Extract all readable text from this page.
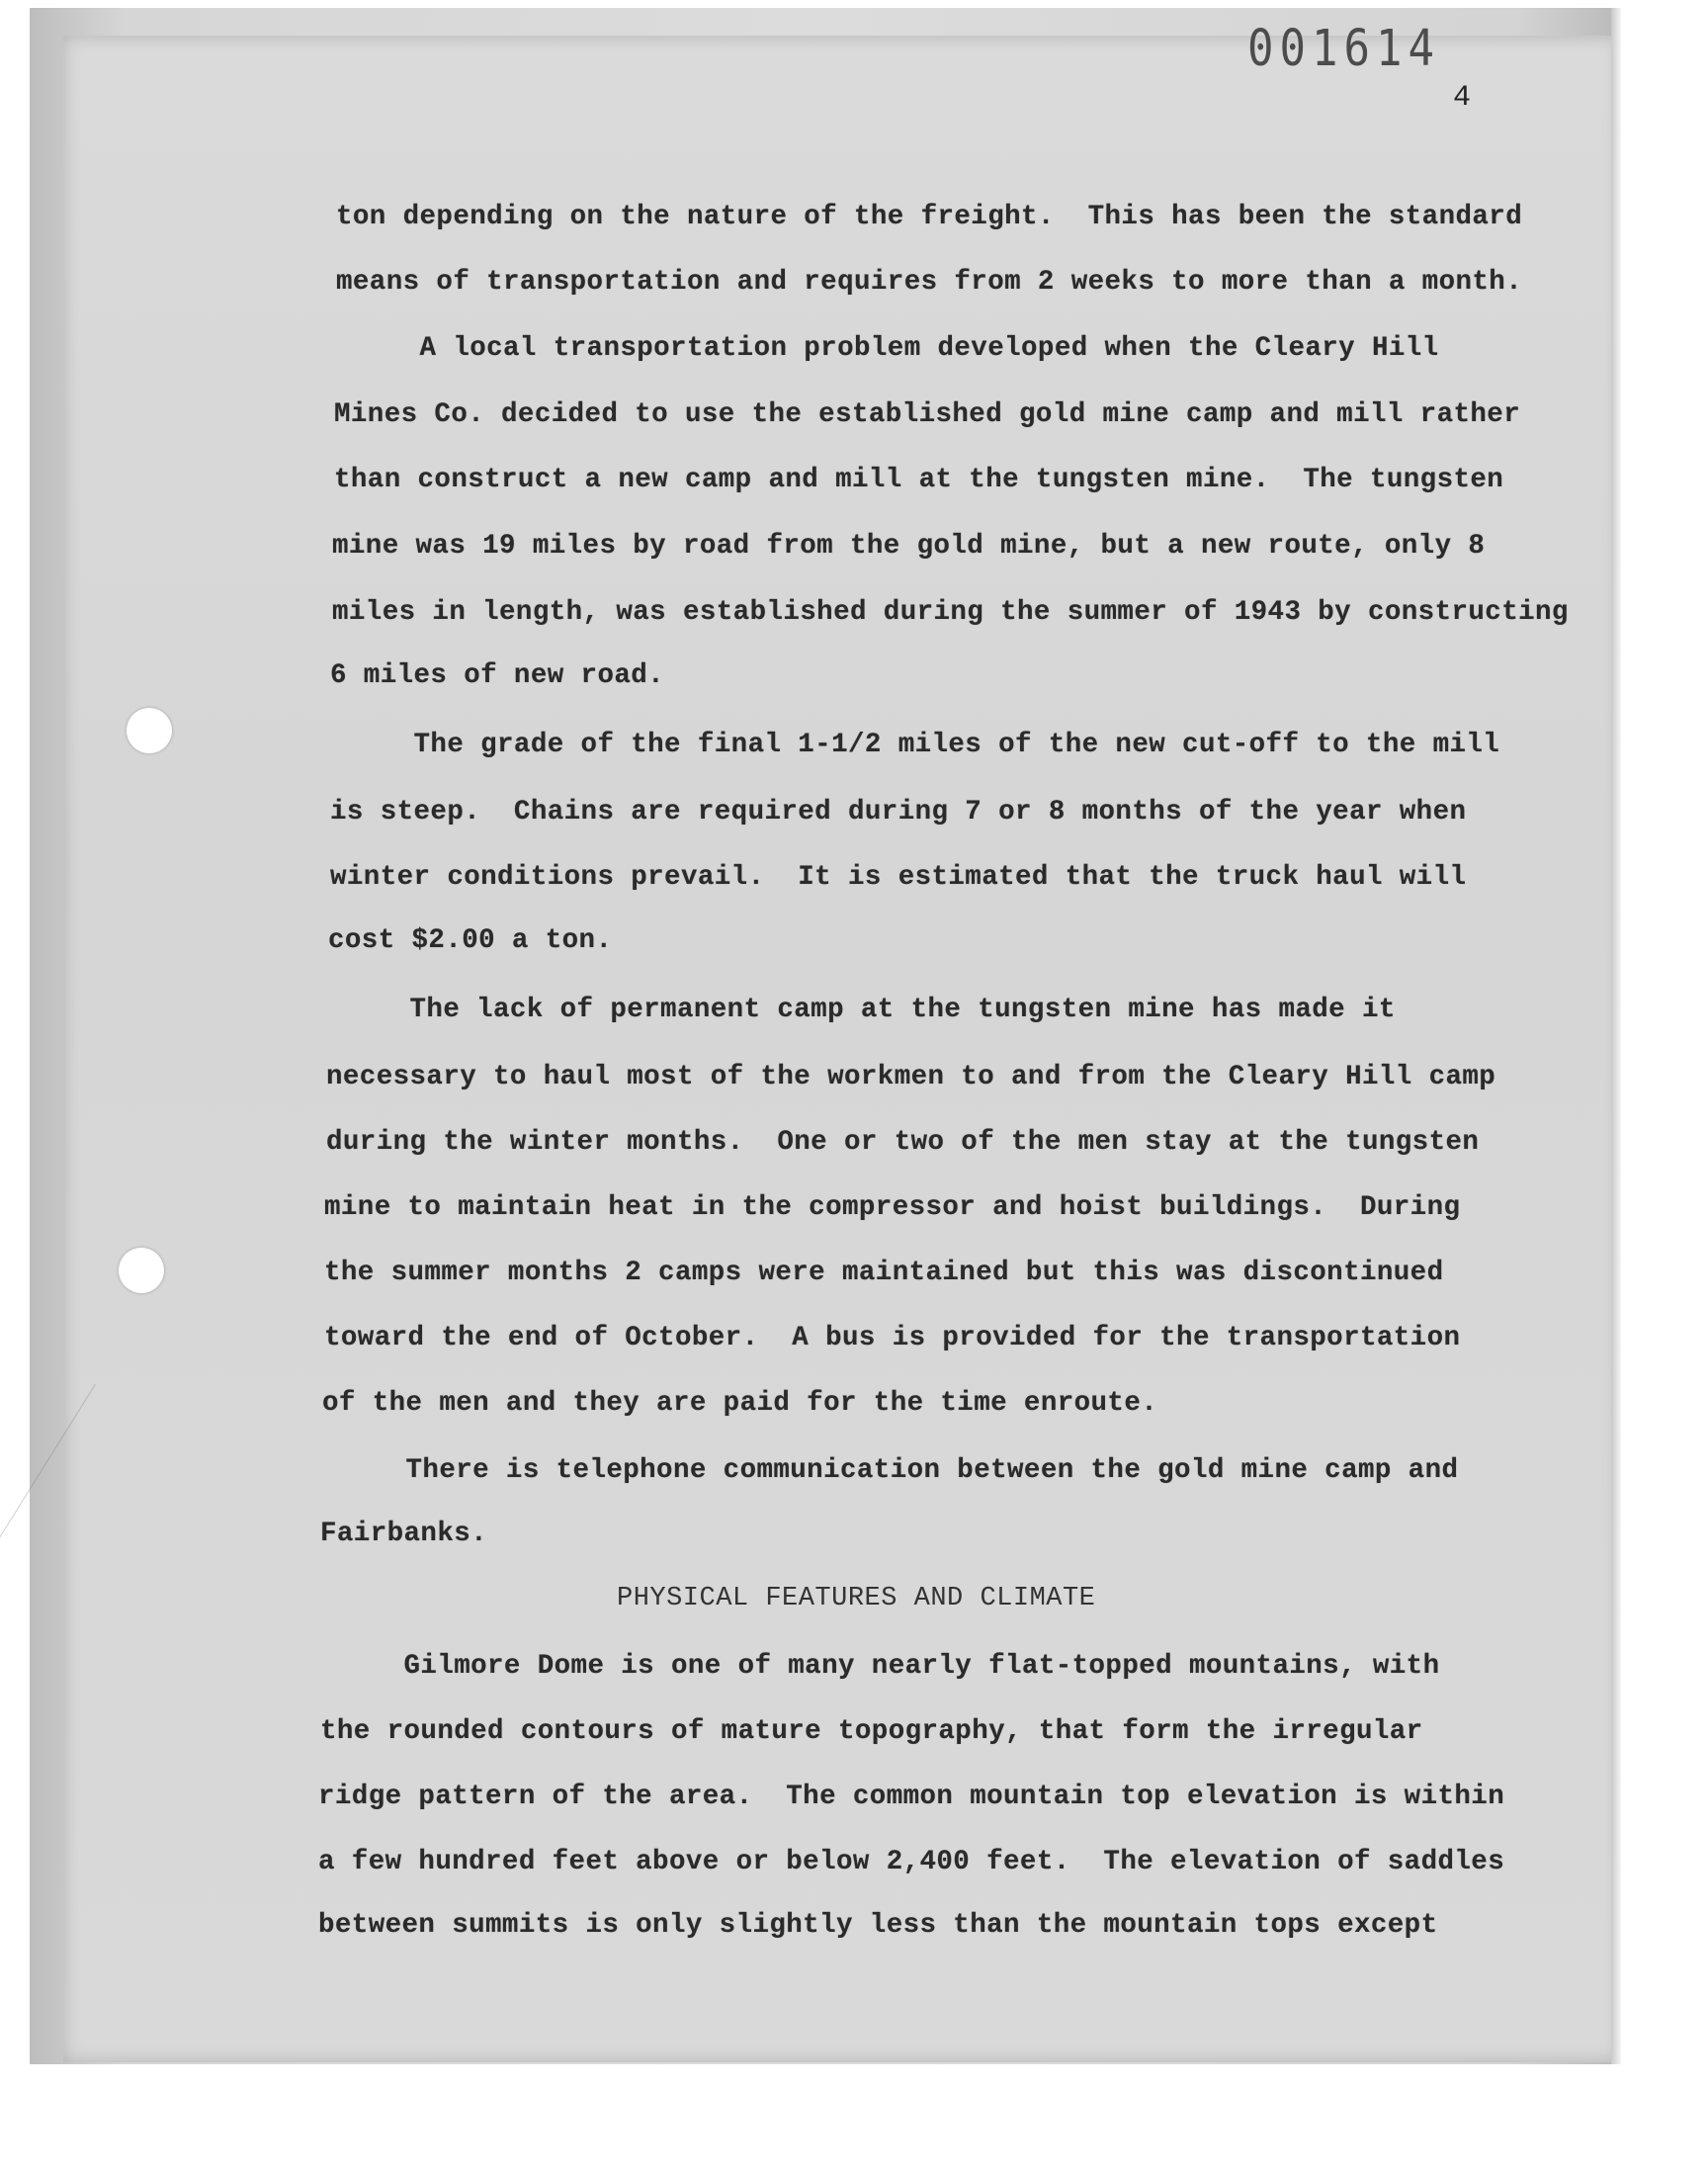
001614
4
ton depending on the nature of the freight.  This has been the standard
means of transportation and requires from 2 weeks to more than a month.
A local transportation problem developed when the Cleary Hill
Mines Co. decided to use the established gold mine camp and mill rather
than construct a new camp and mill at the tungsten mine.  The tungsten
mine was 19 miles by road from the gold mine, but a new route, only 8
miles in length, was established during the summer of 1943 by constructing
6 miles of new road.
The grade of the final 1-1/2 miles of the new cut-off to the mill
is steep.  Chains are required during 7 or 8 months of the year when
winter conditions prevail.  It is estimated that the truck haul will
cost $2.00 a ton.
The lack of permanent camp at the tungsten mine has made it
necessary to haul most of the workmen to and from the Cleary Hill camp
during the winter months.  One or two of the men stay at the tungsten
mine to maintain heat in the compressor and hoist buildings.  During
the summer months 2 camps were maintained but this was discontinued
toward the end of October.  A bus is provided for the transportation
of the men and they are paid for the time enroute.
There is telephone communication between the gold mine camp and
Fairbanks.
Gilmore Dome is one of many nearly flat-topped mountains, with
the rounded contours of mature topography, that form the irregular
ridge pattern of the area.  The common mountain top elevation is within
a few hundred feet above or below 2,400 feet.  The elevation of saddles
between summits is only slightly less than the mountain tops except
PHYSICAL FEATURES AND CLIMATE
